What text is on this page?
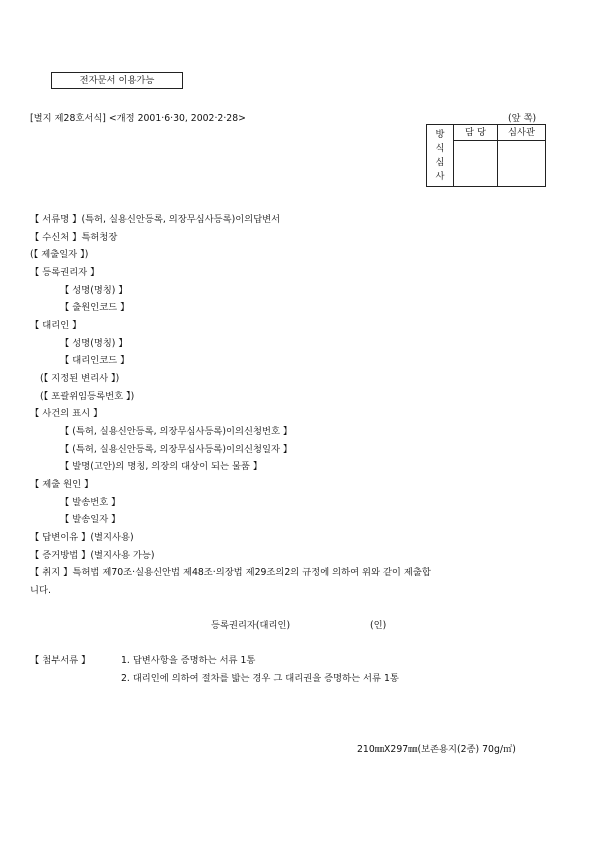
전자문서 이용가능
[별지 제28호서식] <개정 2001·6·30, 2002·2·28>	(앞 쪽)
방
식
심
사	담 당	심사관

【 서류명 】(특허, 실용신안등록, 의장무심사등록)이의답변서
【 수신처 】특허청장
(【 제출일자 】)
【 등록권리자 】
【 성명(명칭) 】
【 출원인코드 】
【 대리인 】
【 성명(명칭) 】
【 대리인코드 】
(【 지정된 변리사 】)
(【 포괄위임등록번호 】)
【 사건의 표시 】
【 (특허, 실용신안등록, 의장무심사등록)이의신청번호 】
【 (특허, 실용신안등록, 의장무심사등록)이의신청일자 】
【 발명(고안)의 명칭, 의장의 대상이 되는 물품 】
【 제출 원인 】
【 발송번호 】
【 발송일자 】
【 답변이유 】(별지사용)
【 증거방법 】(별지사용 가능)
【 취지 】특허법 제70조·실용신안법 제48조·의장법 제29조의2의 규정에 의하여 위와 같이 제출합
니다.
등록권리자(대리인)	(인)
【 첨부서류 】	1. 답변사항을 증명하는 서류 1통
2. 대리인에 의하여 절차를 밟는 경우 그 대리권을 증명하는 서류 1통
210㎜X297㎜(보존용지(2종) 70g/㎡)
